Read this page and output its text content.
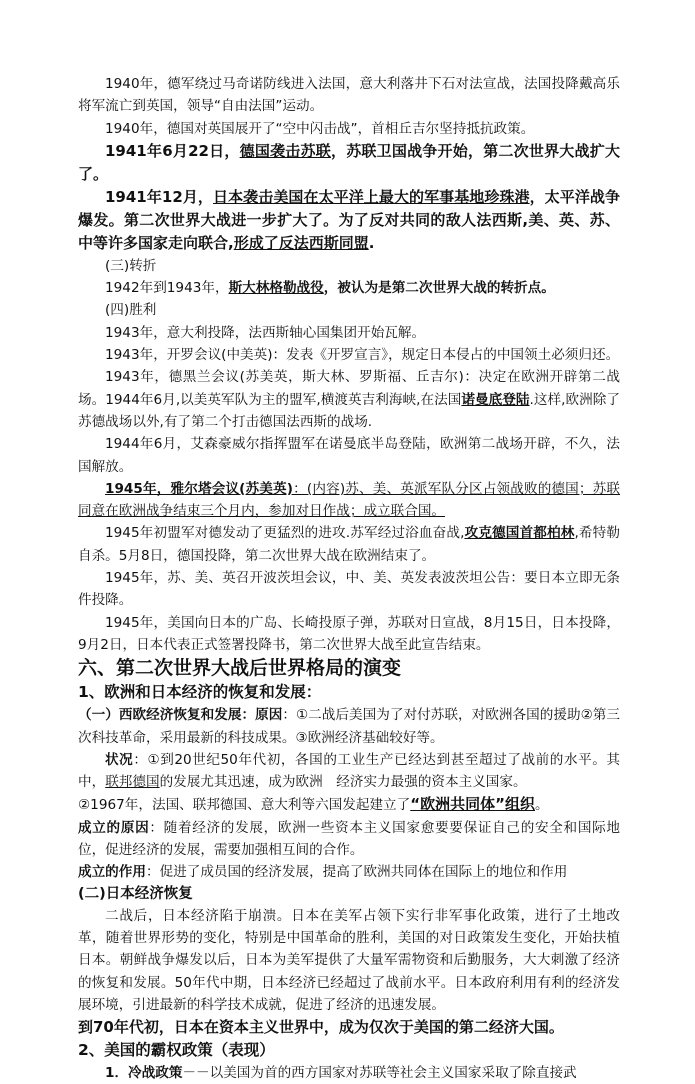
1940年，德军绕过马奇诺防线进入法国，意大利落井下石对法宣战，法国投降戴高乐将军流亡到英国，领导“自由法国”运动。

1940年，德国对英国展开了“空中闪击战”，首相丘吉尔坚持抵抗政策。

1941年6月22日，德国袭击苏联，苏联卫国战争开始，第二次世界大战扩大了。

1941年12月，日本袭击美国在太平洋上最大的军事基地珍珠港，太平洋战争爆发。第二次世界大战进一步扩大了。为了反对共同的敌人法西斯,美、英、苏、中等许多国家走向联合,形成了反法西斯同盟.

(三)转折

1942年到1943年，斯大林格勒战役，被认为是第二次世界大战的转折点。

(四)胜利

1943年，意大利投降，法西斯轴心国集团开始瓦解。

1943年，开罗会议(中美英)：发表《开罗宣言》，规定日本侵占的中国领土必须归还。

1943年，德黑兰会议(苏美英，斯大林、罗斯福、丘吉尔)：决定在欧洲开辟第二战场。1944年6月,以美英军队为主的盟军,横渡英吉利海峡,在法国诺曼底登陆.这样,欧洲除了苏德战场以外,有了第二个打击德国法西斯的战场.

1944年6月，艾森豪威尔指挥盟军在诺曼底半岛登陆，欧洲第二战场开辟，不久，法国解放。

1945年，雅尔塔会议(苏美英)：(内容)苏、美、英派军队分区占领战败的德国；苏联同意在欧洲战争结束三个月内，参加对日作战；成立联合国。

1945年初盟军对德发动了更猛烈的进攻.苏军经过浴血奋战,攻克德国首都柏林,希特勒自杀。5月8日，德国投降，第二次世界大战在欧洲结束了。

1945年，苏、美、英召开波茨坦会议，中、美、英发表波茨坦公告：要日本立即无条件投降。

1945年，美国向日本的广岛、长崎投原子弹，苏联对日宣战，8月15日，日本投降，9月2日，日本代表正式签署投降书，第二次世界大战至此宣告结束。

六、第二次世界大战后世界格局的演变
1、欧洲和日本经济的恢复和发展：

（一）西欧经济恢复和发展：原因：①二战后美国为了对付苏联，对欧洲各国的援助②第三次科技革命，采用最新的科技成果。③欧洲经济基础较好等。

状况：①到20世纪50年代初，各国的工业生产已经达到甚至超过了战前的水平。其中，联邦德国的发展尤其迅速，成为欧洲　经济实力最强的资本主义国家。

②1967年，法国、联邦德国、意大利等六国发起建立了“欧洲共同体”组织。

成立的原因：随着经济的发展，欧洲一些资本主义国家愈要要保证自己的安全和国际地位，促进经济的发展，需要加强相互间的合作。

成立的作用：促进了成员国的经济发展，提高了欧洲共同体在国际上的地位和作用

(二)日本经济恢复

二战后，日本经济陷于崩溃。日本在美军占领下实行非军事化政策，进行了土地改革，随着世界形势的变化，特别是中国革命的胜利，美国的对日政策发生变化，开始扶植日本。朝鲜战争爆发以后，日本为美军提供了大量军需物资和后勤服务，大大刺激了经济的恢复和发展。50年代中期，日本经济已经超过了战前水平。日本政府利用有利的经济发展环境，引进最新的科学技术成就，促进了经济的迅速发展。

到70年代初，日本在资本主义世界中，成为仅次于美国的第二经济大国。

2、美国的霸权政策（表现）

1．冷战政策－－以美国为首的西方国家对苏联等社会主义国家采取了除直接武
